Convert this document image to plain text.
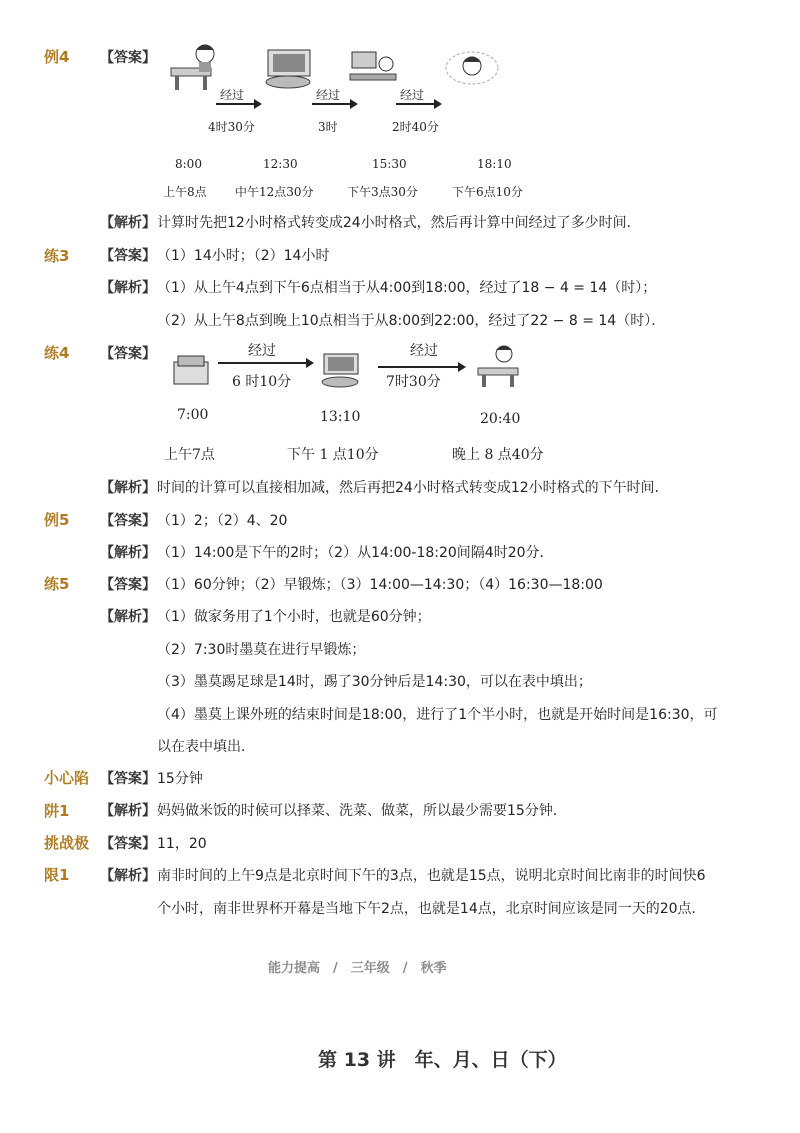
例4 【答案】
经过
4时30分
经过
3时
经过
2时40分
8:00	12:30	15:30	18:10
上午8点 中午12点30分	下午3点30分	下午6点10分
【解析】 计算时先把12小时格式转变成24小时格式，然后再计算中间经过了多少时间．
练3 【答案】 （1）14小时；（2）14小时
【解析】 （1）从上午4点到下午6点相当于从4:00到18:00，经过了18 − 4 = 14（时）；
（2）从上午8点到晚上10点相当于从8:00到22:00，经过了22 − 8 = 14（时）．
练4 【答案】	经过
6 时10分
经过
7时30分
7:00	13:10	20:40
上午7点	下午 1 点10分	晚上 8 点40分
【解析】 时间的计算可以直接相加减，然后再把24小时格式转变成12小时格式的下午时间．
例5 【答案】 （1）2；（2）4、20
【解析】 （1）14:00是下午的2时；（2）从14:00-18:20间隔4时20分．
练5 【答案】 （1）60分钟；（2）早锻炼；（3）14:00—14:30；（4）16:30—18:00
【解析】 （1）做家务用了1个小时，也就是60分钟；
（2）7:30时墨莫在进行早锻炼；
（3）墨莫踢足球是14时，踢了30分钟后是14:30，可以在表中填出；
（4）墨莫上课外班的结束时间是18:00，进行了1个半小时，也就是开始时间是16:30，可
以在表中填出．
小心陷 【答案】 15分钟
阱1 【解析】 妈妈做米饭的时候可以择菜、洗菜、做菜，所以最少需要15分钟．
挑战极 【答案】 11，20
限1 【解析】 南非时间的上午9点是北京时间下午的3点，也就是15点，说明北京时间比南非的时间快6
个小时，南非世界杯开幕是当地下午2点，也就是14点，北京时间应该是同一天的20点．
能力提高　/　三年级　/　秋季
第 13 讲　年、月、日（下）
